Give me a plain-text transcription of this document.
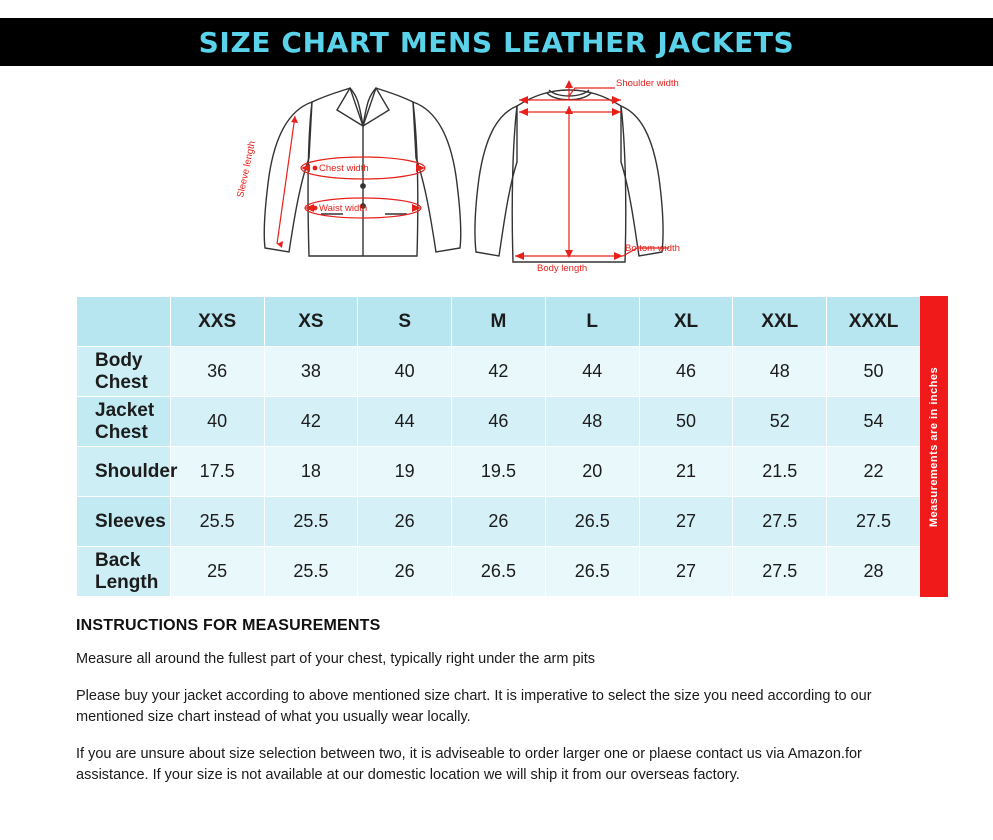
SIZE CHART MENS LEATHER JACKETS
Sleeve length	Chest width
Waist width
Shoulder width
Bottom width
Body length
	XXS	XS	S	M	L	XL	XXL	XXXL
Body Chest	36	38	40	42	44	46	48	50
Jacket Chest	40	42	44	46	48	50	52	54
Shoulder	17.5	18	19	19.5	20	21	21.5	22
Sleeves	25.5	25.5	26	26	26.5	27	27.5	27.5
Back Length	25	25.5	26	26.5	26.5	27	27.5	28
Measurements are in inches
INSTRUCTIONS FOR MEASUREMENTS

Measure all around the fullest part of your chest, typically right under the arm pits

Please buy your jacket according to above mentioned size chart. It is imperative to select the size you need according to our mentioned size chart instead of what you usually wear locally.

If you are unsure about size selection between two, it is adviseable to order larger one or plaese contact us via Amazon.for assistance. If your size is not available at our domestic location we will ship it from our overseas factory.
